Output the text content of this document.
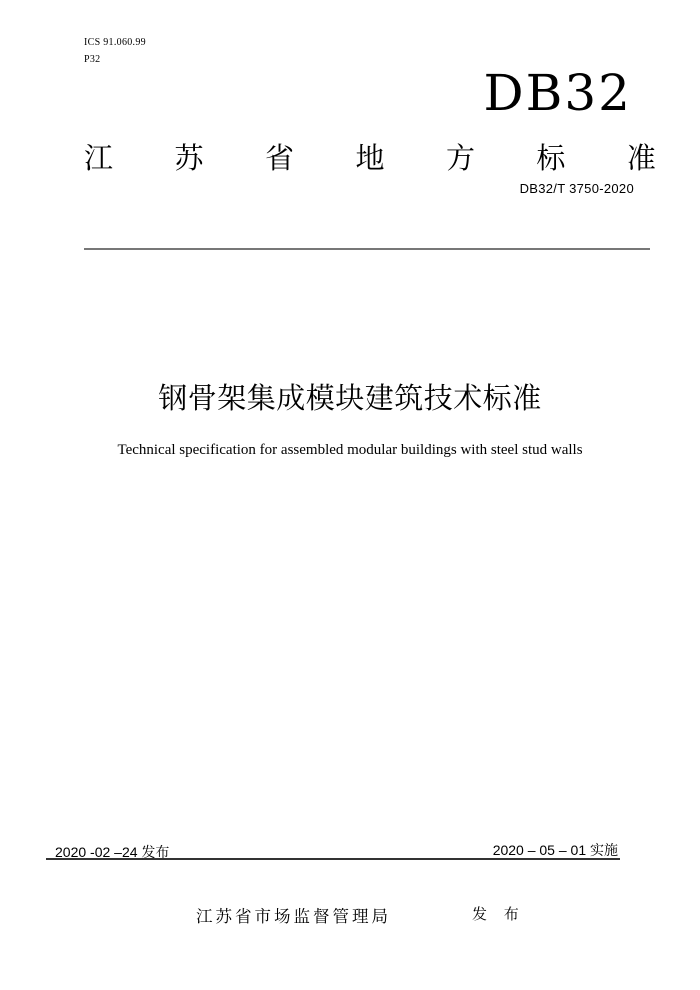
ICS 91.060.99
P32
DB32
江 苏 省 地 方 标 准
DB32/T 3750-2020
钢骨架集成模块建筑技术标准
Technical specification for assembled modular buildings with steel stud walls
2020 -02 –24 发布	2020 – 05 – 01 实施
江苏省市场监督管理局	发 布
